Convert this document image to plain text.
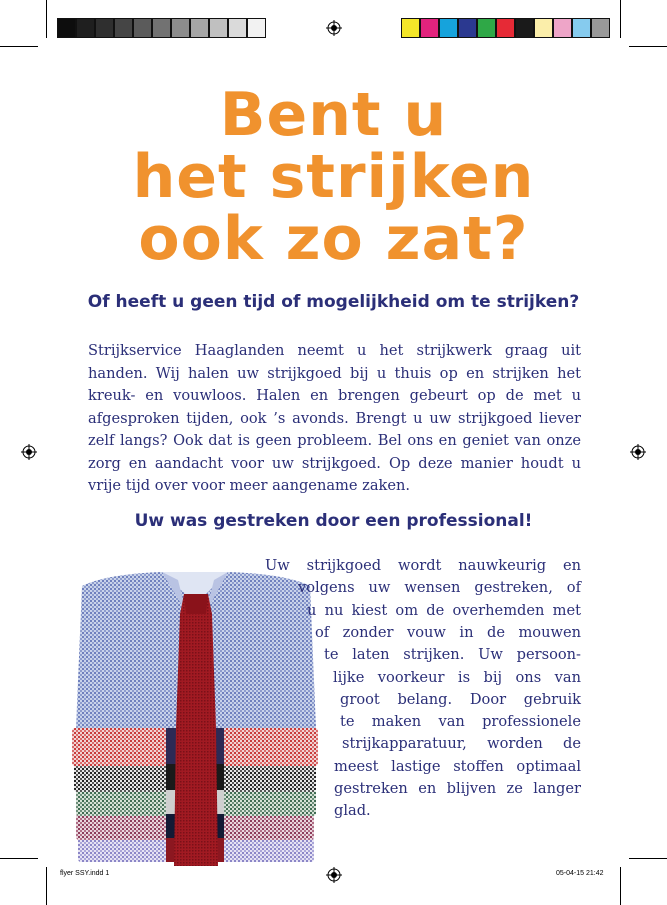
Bent u
het strijken
ook zo zat?
Of heeft u geen tijd of mogelijkheid om te strijken?

Strijkservice Haaglanden neemt u het strijkwerk graag uit handen. Wij halen uw strijkgoed bij u thuis op en strijken het kreuk- en vouwloos. Halen en brengen gebeurt op de met u afgesproken tijden, ook ’s avonds. Brengt u uw strijkgoed liever zelf langs? Ook dat is geen probleem. Bel ons en geniet van onze zorg en aandacht voor uw strijkgoed. Op deze manier houdt u vrije tijd over voor meer aangename zaken.

Uw was gestreken door een professional!
Uw strijkgoed wordt nauwkeurig en
volgens uw wensen gestreken, of
u nu kiest om de overhemden met
of zonder vouw in de mouwen
te laten strijken. Uw persoon-
lijke voorkeur is bij ons van
groot belang. Door gebruik
te maken van professionele
strijkapparatuur, worden de
meest lastige stoffen optimaal
gestreken en blijven ze langer
glad.
flyer SSY.indd 1	05-04-15 21:42
